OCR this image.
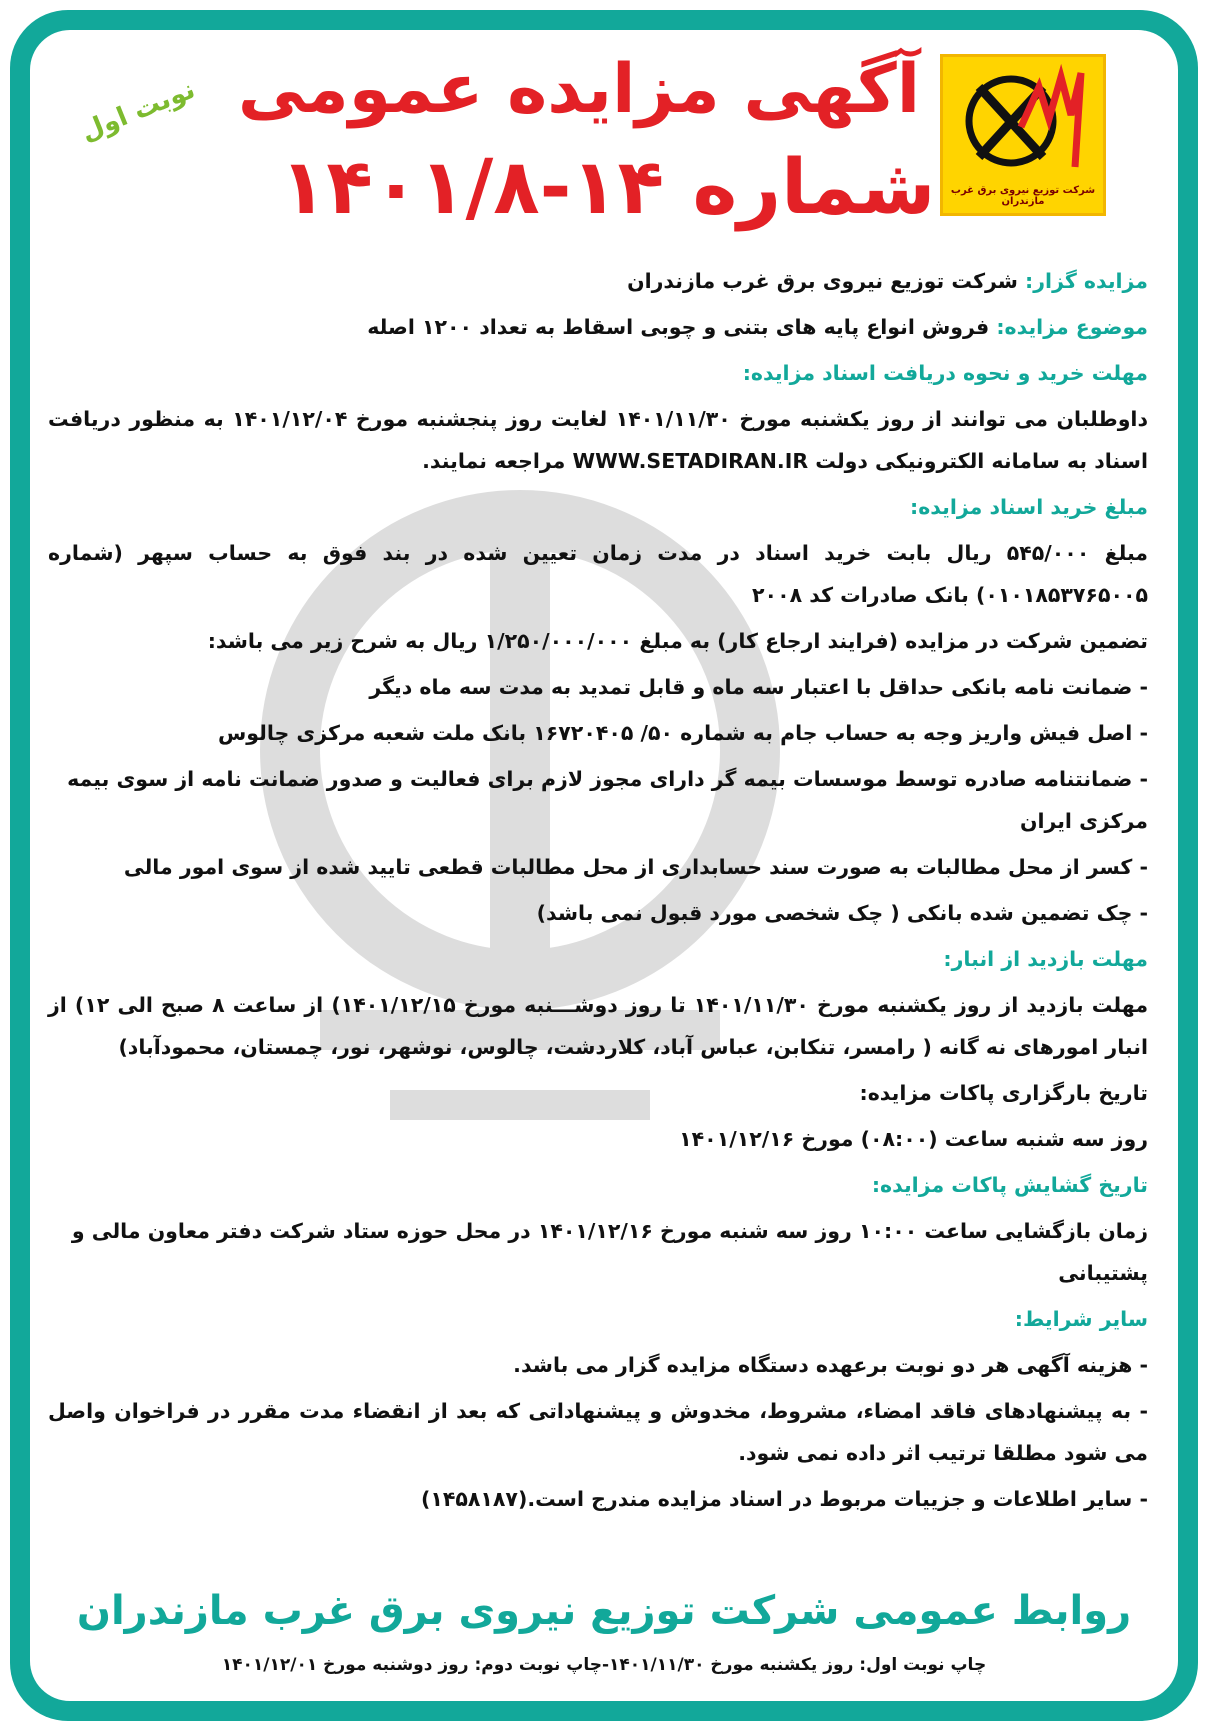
نوبت اول آگهی مزایده عمومی
۱۴۰۱/۸-۱۴ شماره	شرکت توزیع نیروی برق غرب مازندران

مزایده گزار: شرکت توزیع نیروی برق غرب مازندران

موضوع مزایده: فروش انواع پایه های بتنی و چوبی اسقاط به تعداد ۱۲۰۰ اصله

مهلت خرید و نحوه دریافت اسناد مزایده:

داوطلبان می توانند از روز یکشنبه مورخ ۱۴۰۱/۱۱/۳۰ لغایت روز پنجشنبه مورخ ۱۴۰۱/۱۲/۰۴ به منظور دریافت اسناد به سامانه الکترونیکی دولت WWW.SETADIRAN.IR مراجعه نمایند.

مبلغ خرید اسناد مزایده:

مبلغ ۵۴۵/۰۰۰ ریال بابت خرید اسناد در مدت زمان تعیین شده در بند فوق به حساب سپهر (شماره ۰۱۰۱۸۵۳۷۶۵۰۰۵) بانک صادرات کد ۲۰۰۸

تضمین شرکت در مزایده (فرایند ارجاع کار) به مبلغ ۱/۲۵۰/۰۰۰/۰۰۰ ریال به شرح زیر می باشد:

- ضمانت نامه بانکی حداقل با اعتبار سه ماه و قابل تمدید به مدت سه ماه دیگر

- اصل فیش واریز وجه به حساب جام به شماره ۵۰/ ۱۶۷۲۰۴۰۵ بانک ملت شعبه مرکزی چالوس

- ضمانتنامه صادره توسط موسسات بیمه گر دارای مجوز لازم برای فعالیت و صدور ضمانت نامه از سوی بیمه مرکزی ایران

- کسر از محل مطالبات به صورت سند حسابداری از محل مطالبات قطعی تایید شده از سوی امور مالی

- چک تضمین شده بانکی ( چک شخصی مورد قبول نمی باشد)

مهلت بازدید از انبار:

مهلت بازدید از روز یکشنبه مورخ ۱۴۰۱/۱۱/۳۰ تا روز دوشـــنبه مورخ ۱۴۰۱/۱۲/۱۵) از ساعت ۸ صبح الی ۱۲) از انبار امورهای نه گانه ( رامسر، تنکابن، عباس آباد، کلاردشت، چالوس، نوشهر، نور، چمستان، محمودآباد)

تاریخ بارگزاری پاکات مزایده:

روز سه شنبه ساعت (۰۸:۰۰) مورخ ۱۴۰۱/۱۲/۱۶

تاریخ گشایش پاکات مزایده:

زمان بازگشایی ساعت ۱۰:۰۰ روز سه شنبه مورخ ۱۴۰۱/۱۲/۱۶ در محل حوزه ستاد شرکت دفتر معاون مالی و پشتیبانی

سایر شرایط:

- هزینه آگهی هر دو نوبت برعهده دستگاه مزایده گزار می باشد.

- به پیشنهادهای فاقد امضاء، مشروط، مخدوش و پیشنهاداتی که بعد از انقضاء مدت مقرر در فراخوان واصل می شود مطلقا ترتیب اثر داده نمی شود.

- سایر اطلاعات و جزییات مربوط در اسناد مزایده مندرج است.(۱۴۵۸۱۸۷)

روابط عمومی شرکت توزیع نیروی برق غرب مازندران
چاپ نوبت اول: روز یکشنبه مورخ ۱۴۰۱/۱۱/۳۰-چاپ نوبت دوم: روز دوشنبه مورخ ۱۴۰۱/۱۲/۰۱
